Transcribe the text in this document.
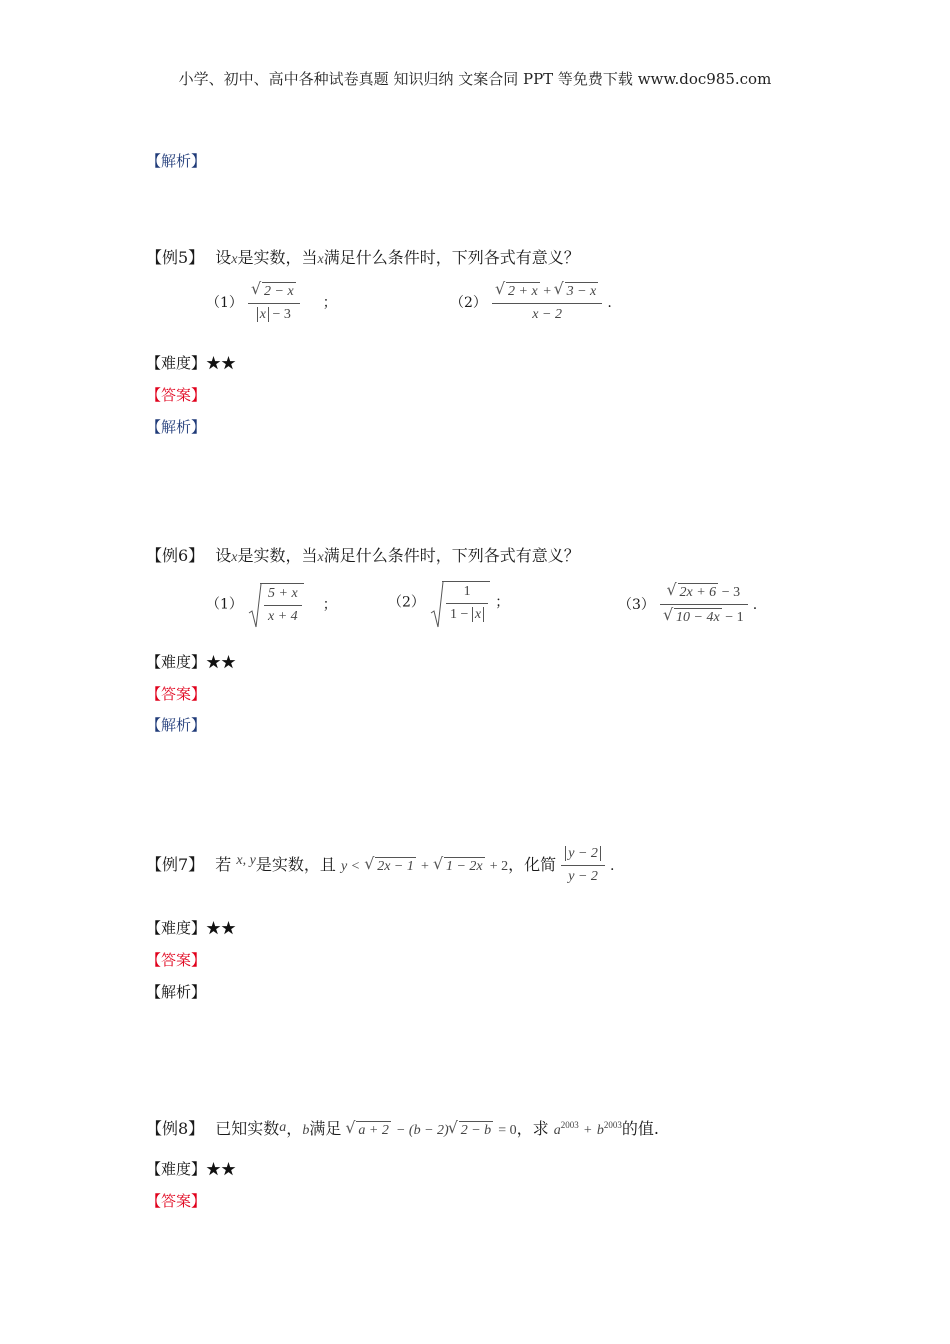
小学、初中、高中各种试卷真题 知识归纳 文案合同 PPT 等免费下载 www.doc985.com
【解析】
【例5】 设x是实数，当x满足什么条件时，下列各式有意义？
（1） √ $\frac{2 - x}{x - 3}$ ；	（2） √ $\frac{2 + x + √ 3 - x}{x - 2}$ .
【难度】★★
【答案】
【解析】
【例6】 设x是实数，当x满足什么条件时，下列各式有意义？
$(1) \frac{5 + x}{x + 4}$ ；	$(2) \frac{1}{1 - x}$ ；	（3） √ 2x + 6 − 3
√ 10 − 4x − 1 .
【难度】★★
【答案】
【解析】
【例7】 若 x, y是实数，且 y < √ 2x − 1 + √ 1 − 2x + 2，化简 $\frac{y - 2}{y - 2}$ .
【难度】★★
【答案】
【解析】
【例8】 已知实数a，b满足 √ a + 2 − (b − 2) √ 2 − b = 0，求 $a^{2003} + b^{2003}$的值.
【难度】★★
【答案】
